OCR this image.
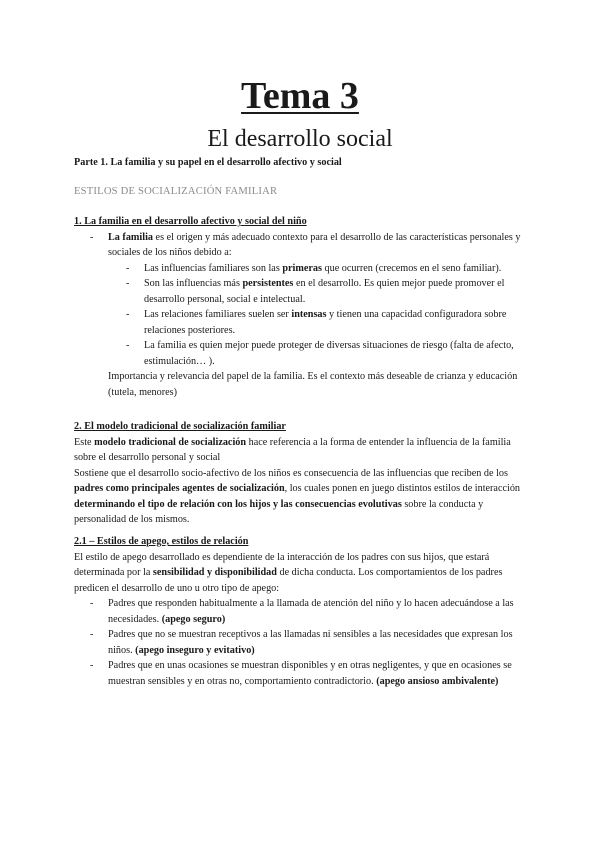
Tema 3
El desarrollo social
Parte 1. La familia y su papel en el desarrollo afectivo y social
ESTILOS DE SOCIALIZACIÓN FAMILIAR

1. La familia en el desarrollo afectivo y social del niño

- La familia es el origen y más adecuado contexto para el desarrollo de las características personales y sociales de los niños debido a:
- Las influencias familiares son las primeras que ocurren (crecemos en el seno familiar).
- Son las influencias más persistentes en el desarrollo. Es quien mejor puede promover el desarrollo personal, social e intelectual.
- Las relaciones familiares suelen ser intensas y tienen una capacidad configuradora sobre relaciones posteriores.
- La familia es quien mejor puede proteger de diversas situaciones de riesgo (falta de afecto, estimulación… ).

Importancia y relevancia del papel de la familia. Es el contexto más deseable de crianza y educación (tutela, menores)

2. El modelo tradicional de socialización familiar

Este modelo tradicional de socialización hace referencia a la forma de entender la influencia de la familia sobre el desarrollo personal y social

Sostiene que el desarrollo socio-afectivo de los niños es consecuencia de las influencias que reciben de los padres como principales agentes de socialización, los cuales ponen en juego distintos estilos de interacción determinando el tipo de relación con los hijos y las consecuencias evolutivas sobre la conducta y personalidad de los mismos.

2.1 – Estilos de apego, estilos de relación

El estilo de apego desarrollado es dependiente de la interacción de los padres con sus hijos, que estará determinada por la sensibilidad y disponibilidad de dicha conducta. Los comportamientos de los padres predicen el desarrollo de uno u otro tipo de apego:

- Padres que responden habitualmente a la llamada de atención del niño y lo hacen adecuándose a las necesidades. (apego seguro)
- Padres que no se muestran receptivos a las llamadas ni sensibles a las necesidades que expresan los niños. (apego inseguro y evitativo)
- Padres que en unas ocasiones se muestran disponibles y en otras negligentes, y que en ocasiones se muestran sensibles y en otras no, comportamiento contradictorio. (apego ansioso ambivalente)
